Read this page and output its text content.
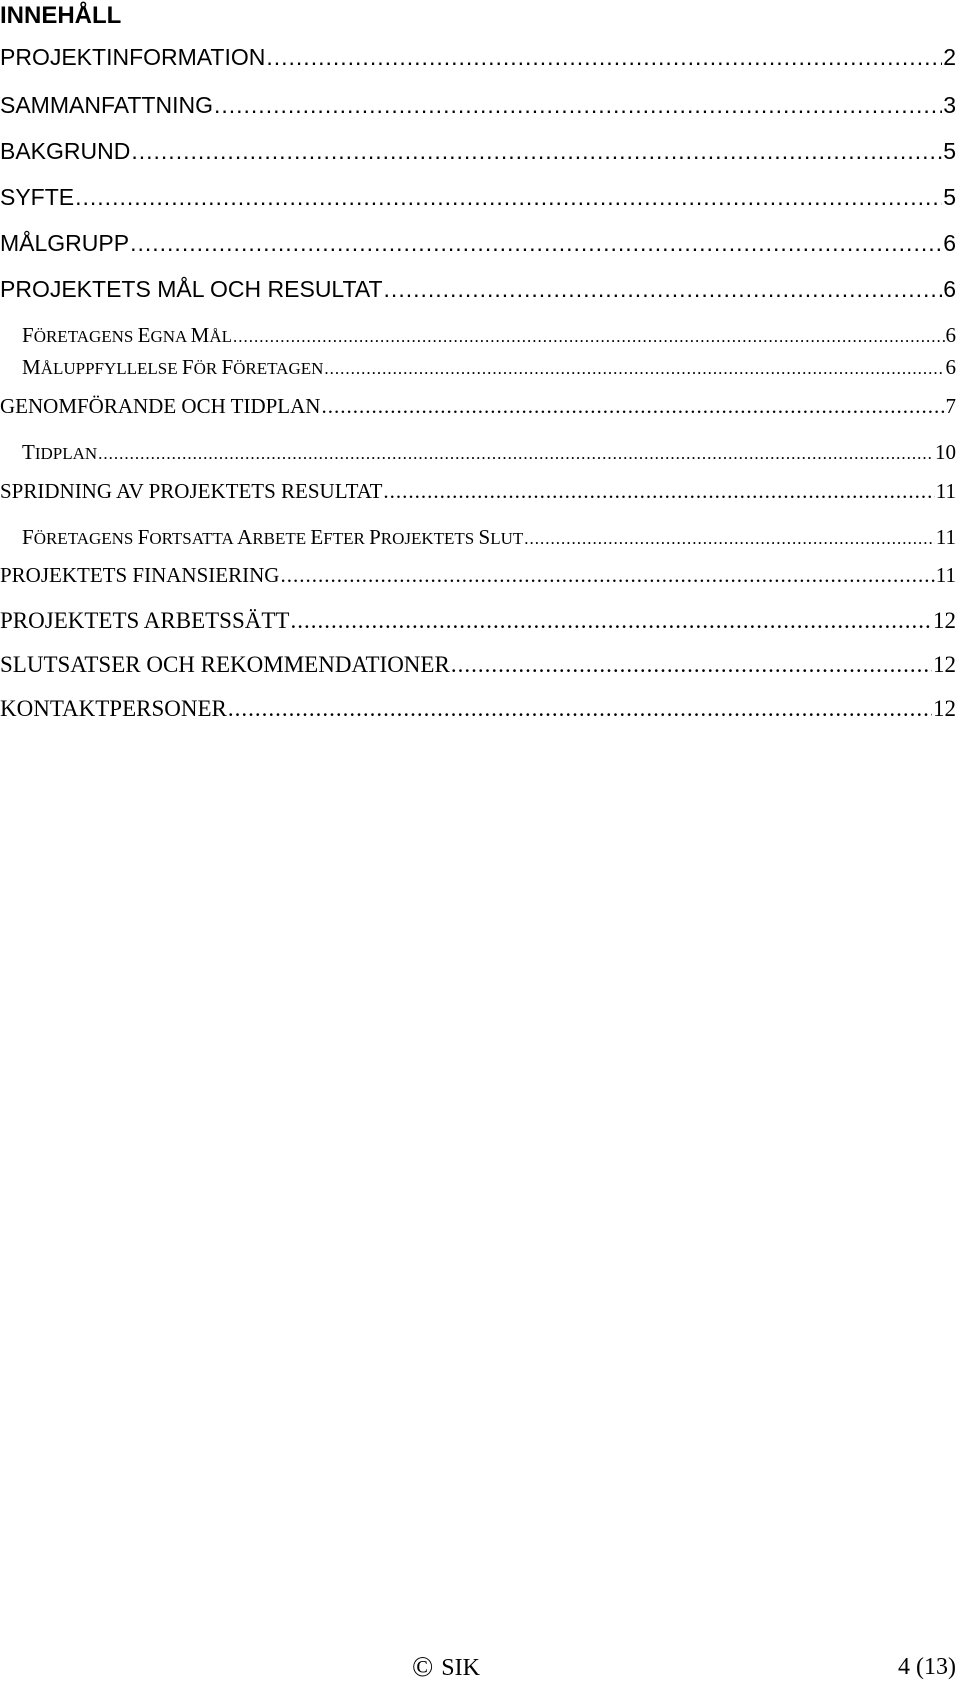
INNEHÅLL
PROJEKTINFORMATION .....	2
SAMMANFATTNING .....	3
BAKGRUND .....	5
SYFTE .....	5
MÅLGRUPP .....	6
PROJEKTETS MÅL OCH RESULTAT .....	6
FÖRETAGENS EGNA MÅL .....	6
MÅLUPPFYLLELSE FÖR FÖRETAGEN .....	6
GENOMFÖRANDE OCH TIDPLAN .....	7
TIDPLAN .....	10
SPRIDNING AV PROJEKTETS RESULTAT .....	11
FÖRETAGENS FORTSATTA ARBETE EFTER PROJEKTETS SLUT .....	11
PROJEKTETS FINANSIERING .....	11
PROJEKTETS ARBETSSÄTT .....	12
SLUTSATSER OCH REKOMMENDATIONER .....	12
KONTAKTPERSONER .....	12
© SIK	4 (13)
